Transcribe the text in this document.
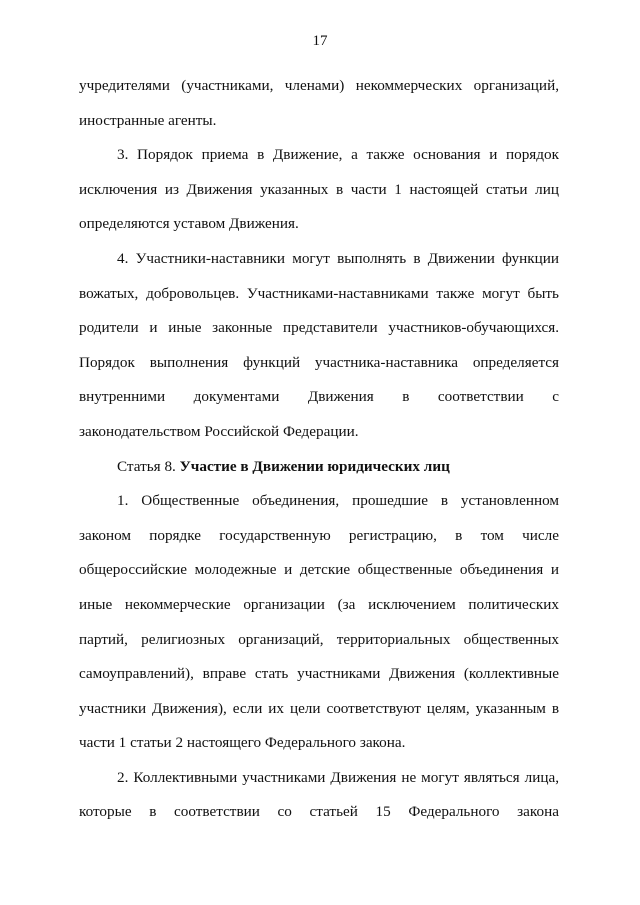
17

учредителями (участниками, членами) некоммерческих организаций, иностранные агенты.

3. Порядок приема в Движение, а также основания и порядок исключения из Движения указанных в части 1 настоящей статьи лиц определяются уставом Движения.

4. Участники-наставники могут выполнять в Движении функции вожатых, добровольцев. Участниками-наставниками также могут быть родители и иные законные представители участников-обучающихся. Порядок выполнения функций участника-наставника определяется внутренними документами Движения в соответствии с законодательством Российской Федерации.

Статья 8. Участие в Движении юридических лиц

1. Общественные объединения, прошедшие в установленном законом порядке государственную регистрацию, в том числе общероссийские молодежные и детские общественные объединения и иные некоммерческие организации (за исключением политических партий, религиозных организаций, территориальных общественных самоуправлений), вправе стать участниками Движения (коллективные участники Движения), если их цели соответствуют целям, указанным в части 1 статьи 2 настоящего Федерального закона.

2. Коллективными участниками Движения не могут являться лица, которые в соответствии со статьей 15 Федерального закона
